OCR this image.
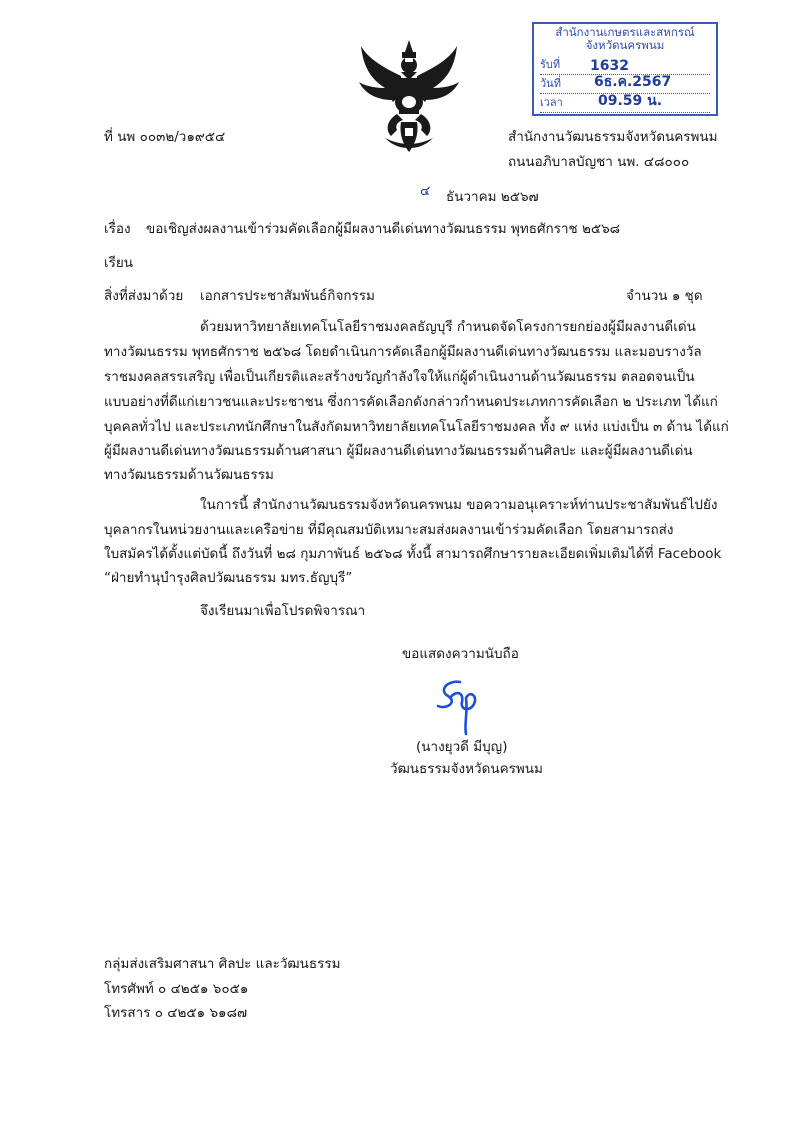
สำนักงานเกษตรและสหกรณ์
จังหวัดนครพนม
รับที่ 1632
วันที่ 6ธ.ค.2567
เวลา	09.59 น.
ที่ นพ ๐๐๓๒/ว๑๙๕๔	สำนักงานวัฒนธรรมจังหวัดนครพนม
ถนนอภิบาลบัญชา นพ. ๔๘๐๐๐
๔ ธันวาคม ๒๕๖๗
เรื่อง ขอเชิญส่งผลงานเข้าร่วมคัดเลือกผู้มีผลงานดีเด่นทางวัฒนธรรม พุทธศักราช ๒๕๖๘
เรียน
สิ่งที่ส่งมาด้วย เอกสารประชาสัมพันธ์กิจกรรม	จำนวน ๑ ชุด
ด้วยมหาวิทยาลัยเทคโนโลยีราชมงคลธัญบุรี กำหนดจัดโครงการยกย่องผู้มีผลงานดีเด่น
ทางวัฒนธรรม พุทธศักราช ๒๕๖๘ โดยดำเนินการคัดเลือกผู้มีผลงานดีเด่นทางวัฒนธรรม และมอบรางวัล
ราชมงคลสรรเสริญ เพื่อเป็นเกียรติและสร้างขวัญกำลังใจให้แก่ผู้ดำเนินงานด้านวัฒนธรรม ตลอดจนเป็น
แบบอย่างที่ดีแก่เยาวชนและประชาชน ซึ่งการคัดเลือกดังกล่าวกำหนดประเภทการคัดเลือก ๒ ประเภท ได้แก่
บุคคลทั่วไป และประเภทนักศึกษาในสังกัดมหาวิทยาลัยเทคโนโลยีราชมงคล ทั้ง ๙ แห่ง แบ่งเป็น ๓ ด้าน ได้แก่
ผู้มีผลงานดีเด่นทางวัฒนธรรมด้านศาสนา ผู้มีผลงานดีเด่นทางวัฒนธรรมด้านศิลปะ และผู้มีผลงานดีเด่น
ทางวัฒนธรรมด้านวัฒนธรรม
ในการนี้ สำนักงานวัฒนธรรมจังหวัดนครพนม ขอความอนุเคราะห์ท่านประชาสัมพันธ์ไปยัง
บุคลากรในหน่วยงานและเครือข่าย ที่มีคุณสมบัติเหมาะสมส่งผลงานเข้าร่วมคัดเลือก โดยสามารถส่ง
ใบสมัครได้ตั้งแต่บัดนี้ ถึงวันที่ ๒๘ กุมภาพันธ์ ๒๕๖๘ ทั้งนี้ สามารถศึกษารายละเอียดเพิ่มเติมได้ที่ Facebook
“ฝ่ายทำนุบำรุงศิลปวัฒนธรรม มทร.ธัญบุรี”
จึงเรียนมาเพื่อโปรดพิจารณา
ขอแสดงความนับถือ
(นางยุวดี มีบุญ)
วัฒนธรรมจังหวัดนครพนม
กลุ่มส่งเสริมศาสนา ศิลปะ และวัฒนธรรม
โทรศัพท์ ๐ ๔๒๕๑ ๖๐๕๑
โทรสาร ๐ ๔๒๕๑ ๖๑๘๗
